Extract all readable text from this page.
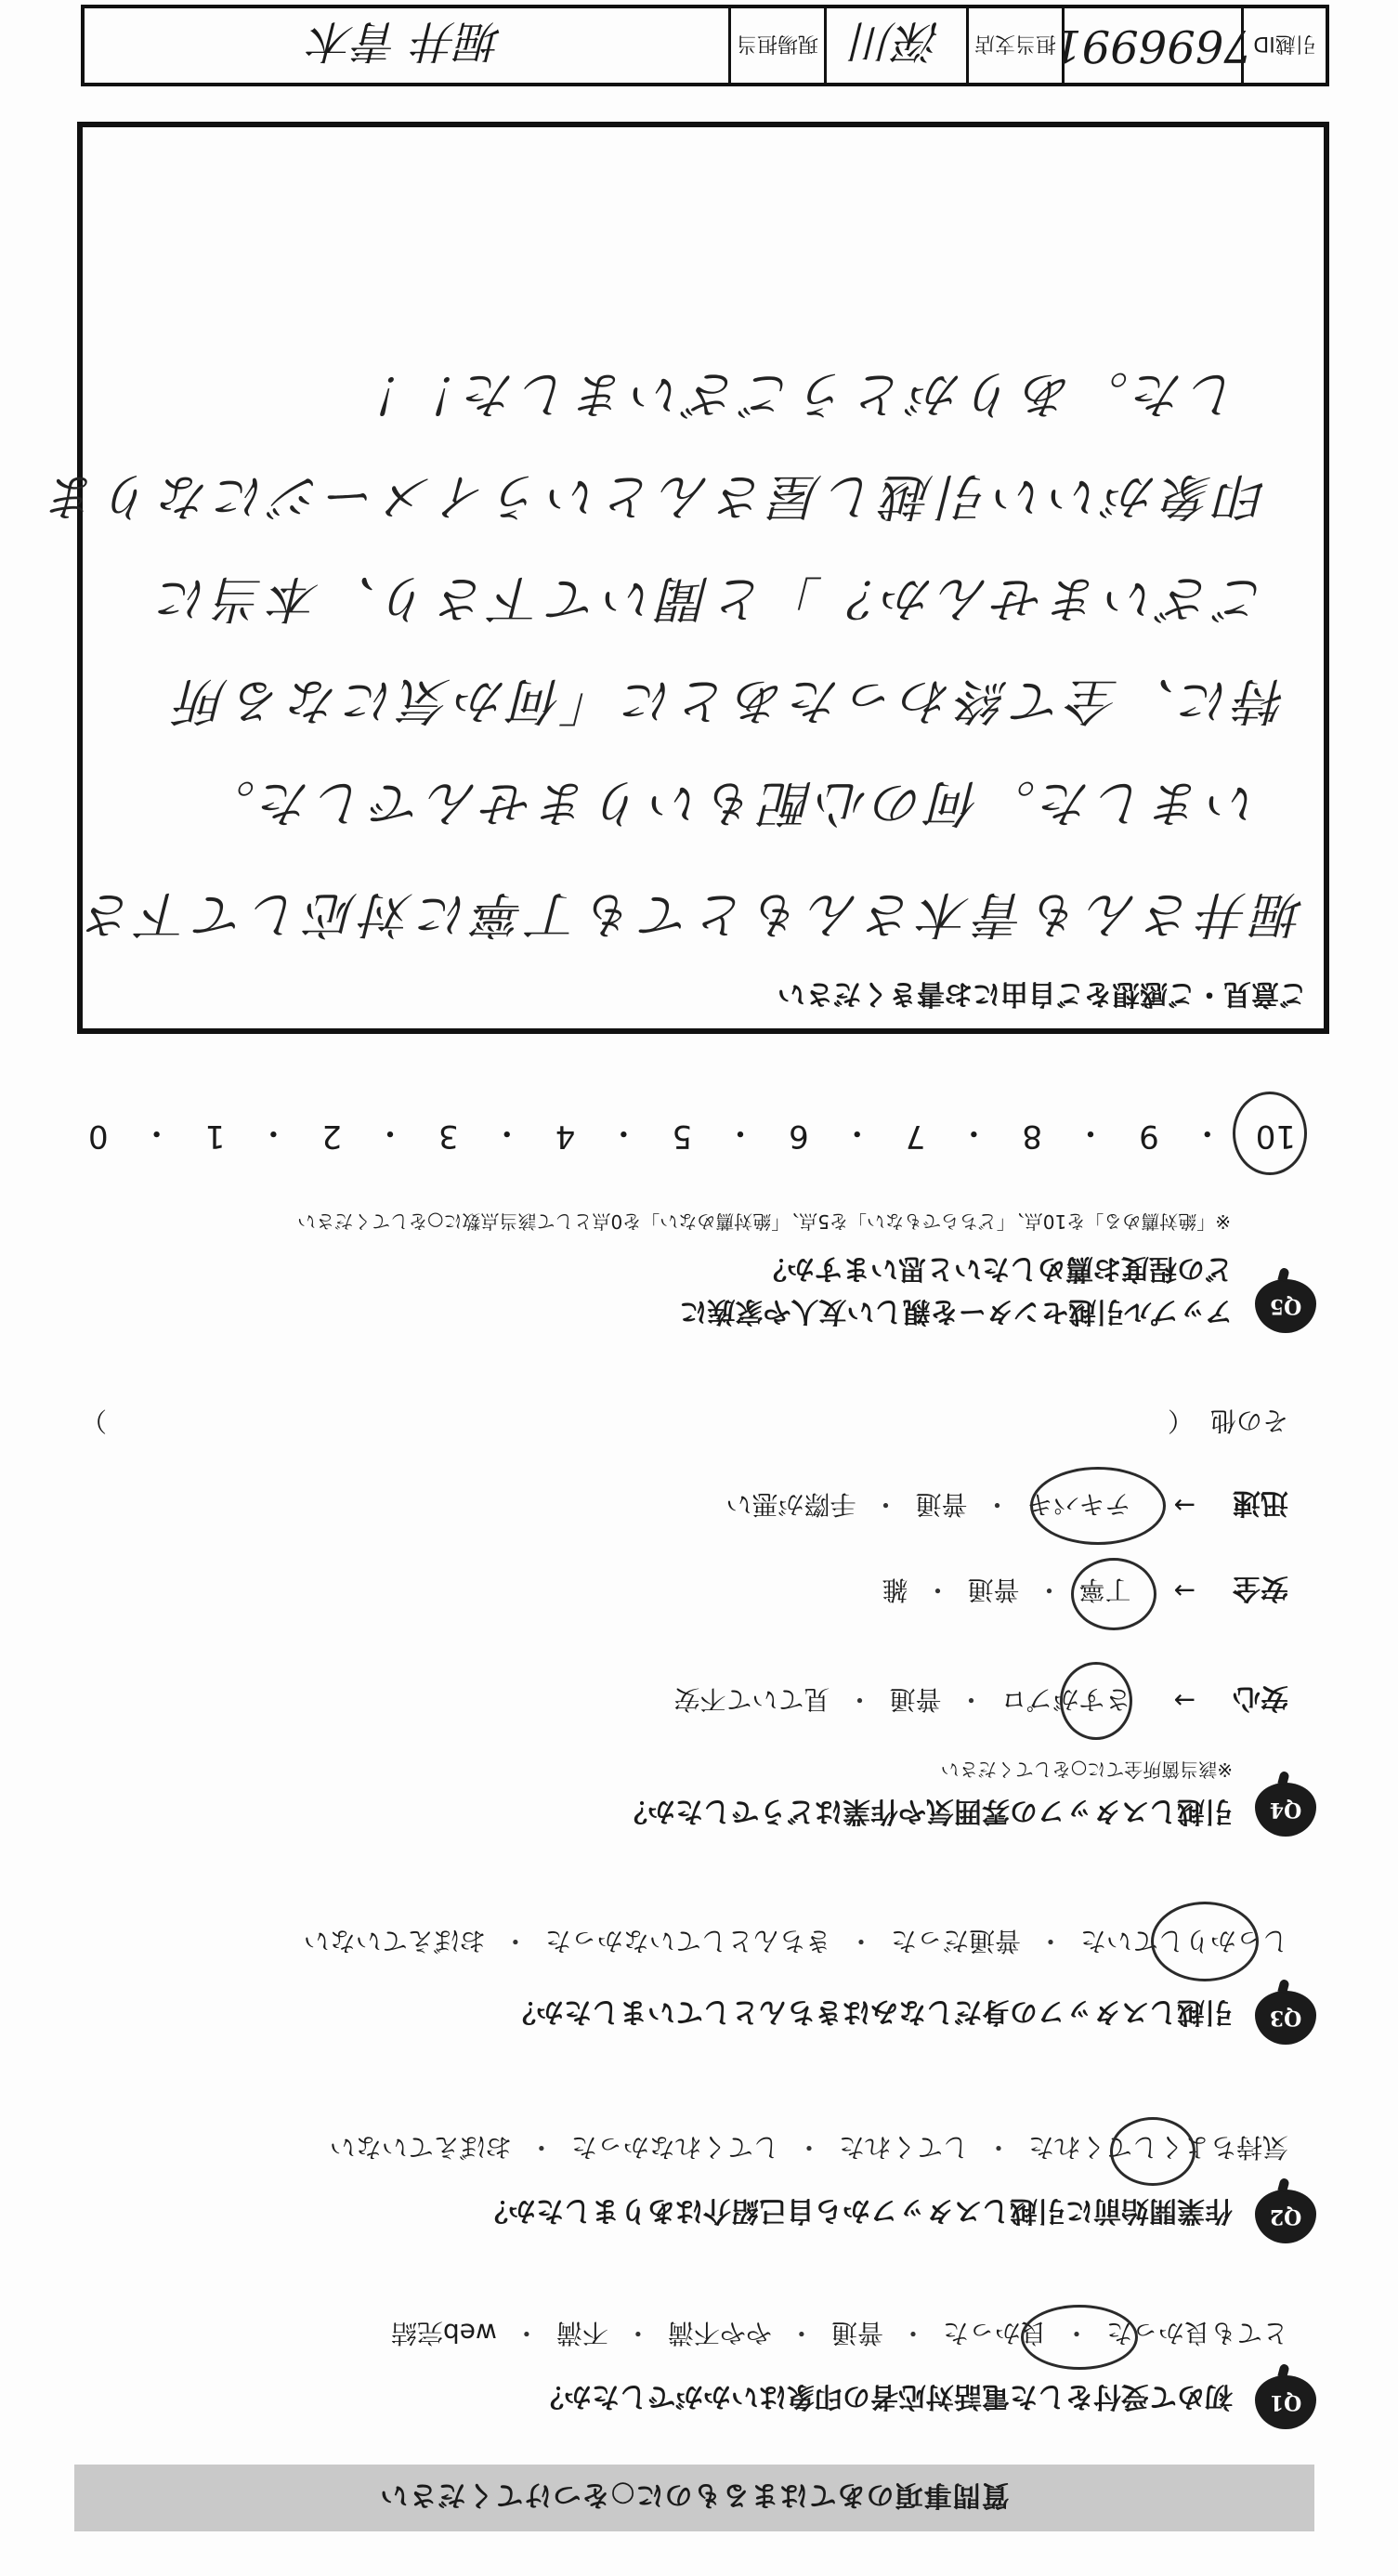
質問事項のあてはまるものに○をつけてください
Q1
初めて受付をした電話対応者の印象はいかがでしたか？
とても良かった
・
良かった
・
普通
・
やや不満
・
不満
・
web完結
Q2
作業開始前に引越しスタッフから自己紹介はありましたか？
気持ちよくしてくれた
・
してくれた
・
してくれなかった
・
おぼえていない
Q3
引越しスタッフの身だしなみはきちんとしていましたか？
しっかりしていた
・
普通だった
・
きちんとしていなかった
・
おぼえていない
Q4
引越しスタッフの雰囲気や作業はどうでしたか？
※該当箇所全てに○をしてください
安心
→
さすがプロ
・
普通
・
見ていて不安
安全
→
丁寧
・
普通
・
雑
迅速
→
テキパキ
・
普通
・
手際が悪い
その他
（
）
Q5
アップル引越センターを親しい友人や家族に
どの程度お薦めしたいと思いますか？
※「絶対薦める」を10点、「どちらでもない」を5点、「絶対薦めない」を0点として該当点数に○をしてください
10
・
9
・
8
・
7
・
6
・
5
・
4
・
3
・
2
・
1
・
0
ご意見・ご感想をご自由にお書きください
堀井さんも青木さんもとても丁寧に対応して下さ
いました。何の心配もいりませんでした。
特に、全て終わったあとに「何か気になる所
ございませんか？」と聞いて下さり、本当に
印象がいい引越し屋さんというイメージになりま
した。ありがとうございました！！
引越ID
7696991
担当支店
深川
現場担当
堀井 青木
